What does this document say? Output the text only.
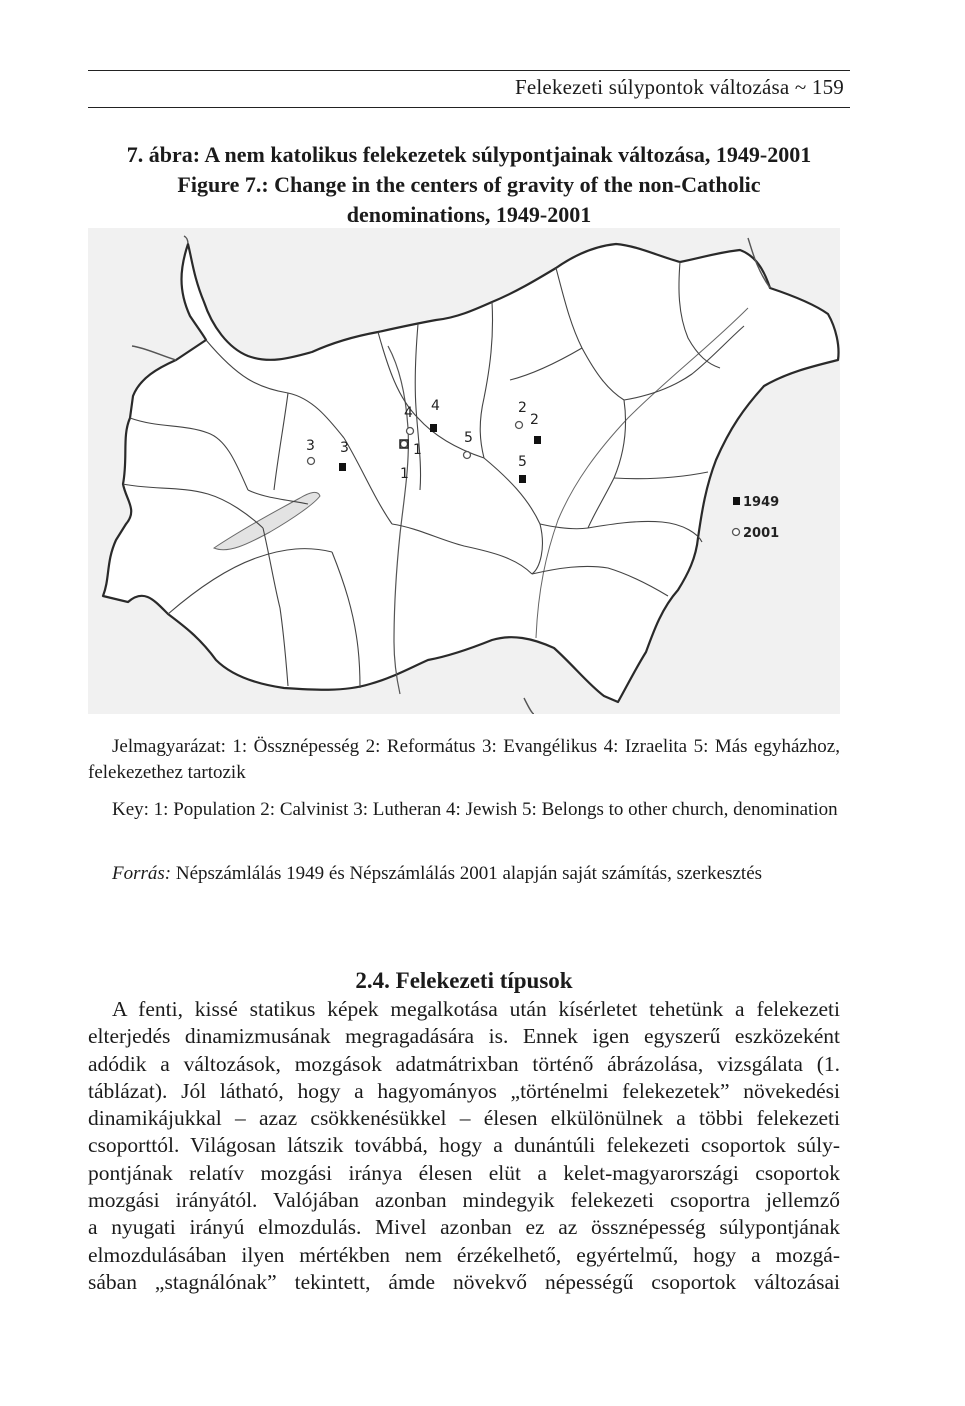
Felekezeti súlypontok változása ~ 159
7. ábra: A nem katolikus felekezetek súlypontjainak változása, 1949-2001
Figure 7.: Change in the centers of gravity of the non-Catholic
denominations, 1949-2001
3 3
4 4
1
1
5
2
2
5
1949
2001
Jelmagyarázat: 1: Össznépesség 2: Református 3: Evangélikus 4: Izraelita 5: Más egyházhoz, felekezethez tartozik
Key: 1: Population 2: Calvinist 3: Lutheran 4: Jewish 5: Belongs to other church, denomination
Forrás: Népszámlálás 1949 és Népszámlálás 2001 alapján saját számítás, szerkesztés
2.4. Felekezeti típusok
A fenti, kissé statikus képek megalkotása után kísérletet tehetünk a felekezeti
elterjedés dinamizmusának megragadására is. Ennek igen egyszerű eszközeként
adódik a változások, mozgások adatmátrixban történő ábrázolása, vizsgálata (1.
táblázat). Jól látható, hogy a hagyományos „történelmi felekezetek” növekedési
dinamikájukkal – azaz csökkenésükkel – élesen elkülönülnek a többi felekezeti
csoporttól. Világosan látszik továbbá, hogy a dunántúli felekezeti csoportok súly-
pontjának relatív mozgási iránya élesen elüt a kelet-magyarországi csoportok
mozgási irányától. Valójában azonban mindegyik felekezeti csoportra jellemző
a nyugati irányú elmozdulás. Mivel azonban ez az össznépesség súlypontjának
elmozdulásában ilyen mértékben nem érzékelhető, egyértelmű, hogy a mozgá-
sában „stagnálónak” tekintett, ámde növekvő népességű csoportok változásai
